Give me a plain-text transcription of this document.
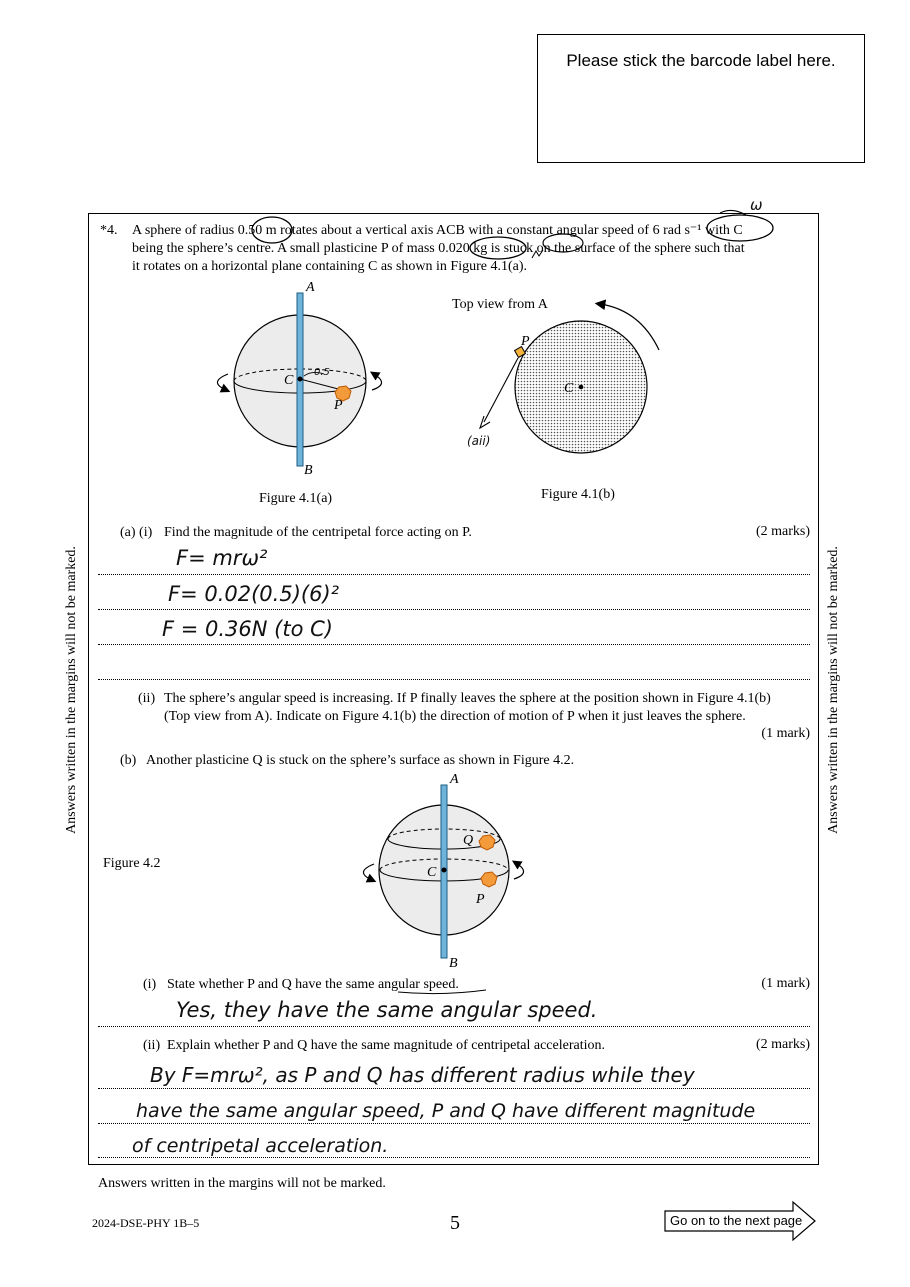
Please stick the barcode label here.
Answers written in the margins will not be marked.	Answers written in the margins will not be marked.
*4. A sphere of radius 0.50 m rotates about a vertical axis ACB with a constant angular speed of 6 rad s⁻¹ with C
being the sphere’s centre. A small plasticine P of mass 0.020 kg is stuck on the surface of the sphere such that
it rotates on a horizontal plane containing C as shown in Figure 4.1(a).
ω
A
B
C
P
0.5
Figure 4.1(a)
Top view from A
P
C
(aii)
Figure 4.1(b)
(a) (i) Find the magnitude of the centripetal force acting on P.	(2 marks)
F= mrω²
F= 0.02(0.5)(6)²
F = 0.36N (to C)
(ii) The sphere’s angular speed is increasing. If P finally leaves the sphere at the position shown in Figure 4.1(b)
(Top view from A). Indicate on Figure 4.1(b) the direction of motion of P when it just leaves the sphere.
(1 mark)
(b) Another plasticine Q is stuck on the sphere’s surface as shown in Figure 4.2.
A
B
C
P
Q
Figure 4.2
(i) State whether P and Q have the same angular speed.	(1 mark)
Yes, they have the same angular speed.
(ii) Explain whether P and Q have the same magnitude of centripetal acceleration.	(2 marks)
By F=mrω², as P and Q has different radius while they
have the same angular speed, P and Q have different magnitude
of centripetal acceleration.
Answers written in the margins will not be marked.
2024-DSE-PHY 1B–5	5	Go on to the next page
